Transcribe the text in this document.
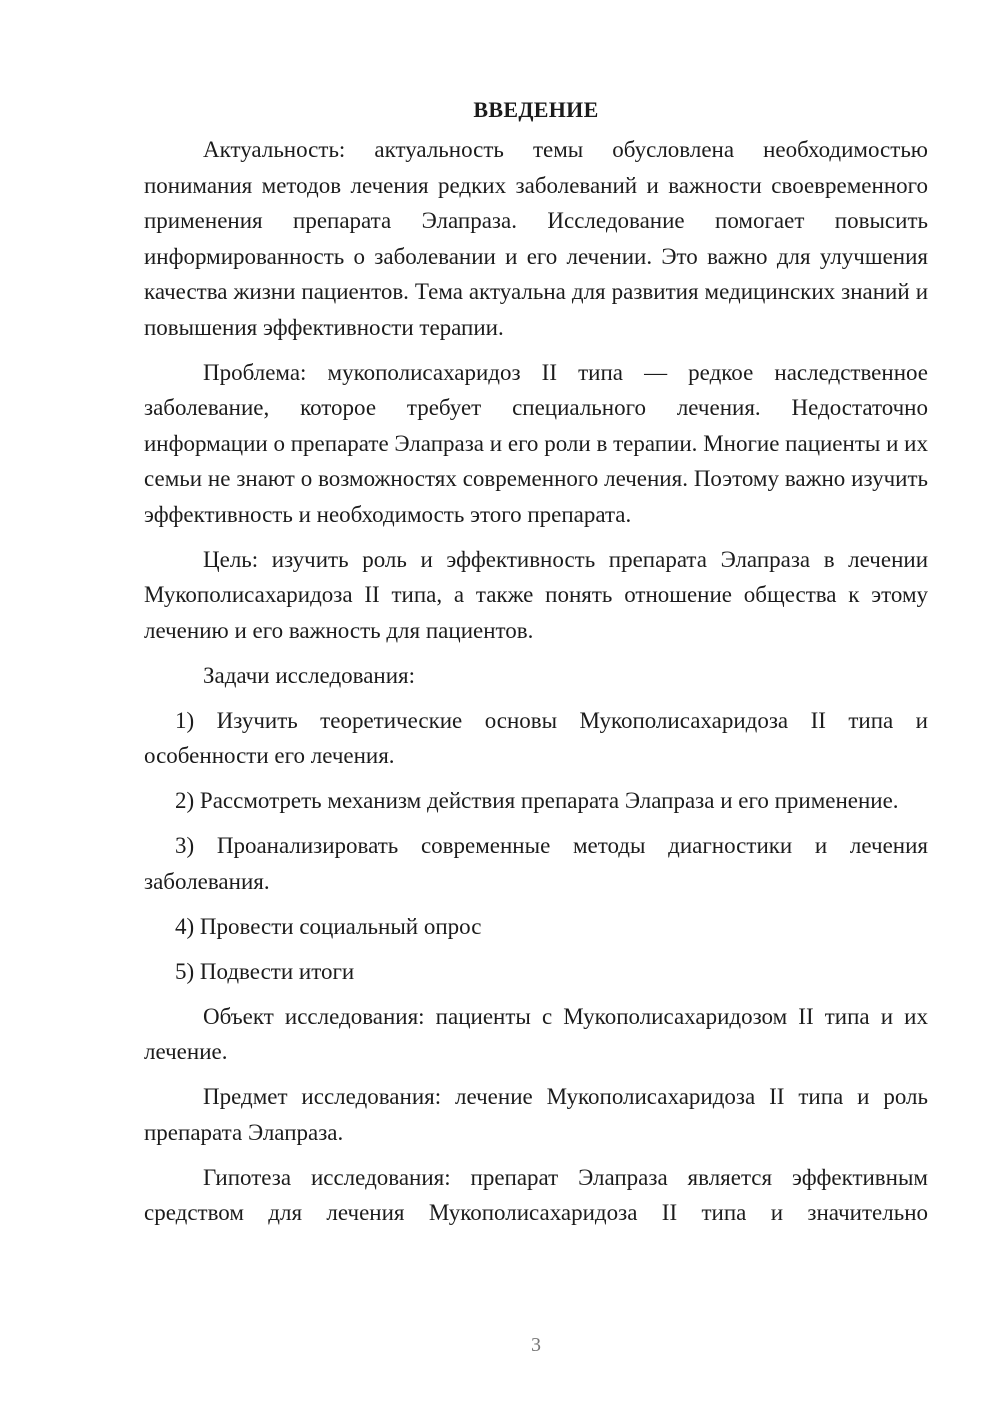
ВВЕДЕНИЕ

Актуальность: актуальность темы обусловлена необходимостью понимания методов лечения редких заболеваний и важности своевременного применения препарата Элапраза. Исследование помогает повысить информированность о заболевании и его лечении. Это важно для улучшения качества жизни пациентов. Тема актуальна для развития медицинских знаний и повышения эффективности терапии.

Проблема: мукополисахаридоз II типа — редкое наследственное заболевание, которое требует специального лечения. Недостаточно информации о препарате Элапраза и его роли в терапии. Многие пациенты и их семьи не знают о возможностях современного лечения. Поэтому важно изучить эффективность и необходимость этого препарата.

Цель: изучить роль и эффективность препарата Элапраза в лечении Мукополисахаридоза II типа, а также понять отношение общества к этому лечению и его важность для пациентов.

Задачи исследования:

1) Изучить теоретические основы Мукополисахаридоза II типа и особенности его лечения.

2) Рассмотреть механизм действия препарата Элапраза и его применение.

3) Проанализировать современные методы диагностики и лечения заболевания.

4) Провести социальный опрос

5) Подвести итоги

Объект исследования: пациенты с Мукополисахаридозом II типа и их лечение.

Предмет исследования: лечение Мукополисахаридоза II типа и роль препарата Элапраза.

Гипотеза исследования: препарат Элапраза является эффективным средством для лечения Мукополисахаридоза II типа и значительно

3
